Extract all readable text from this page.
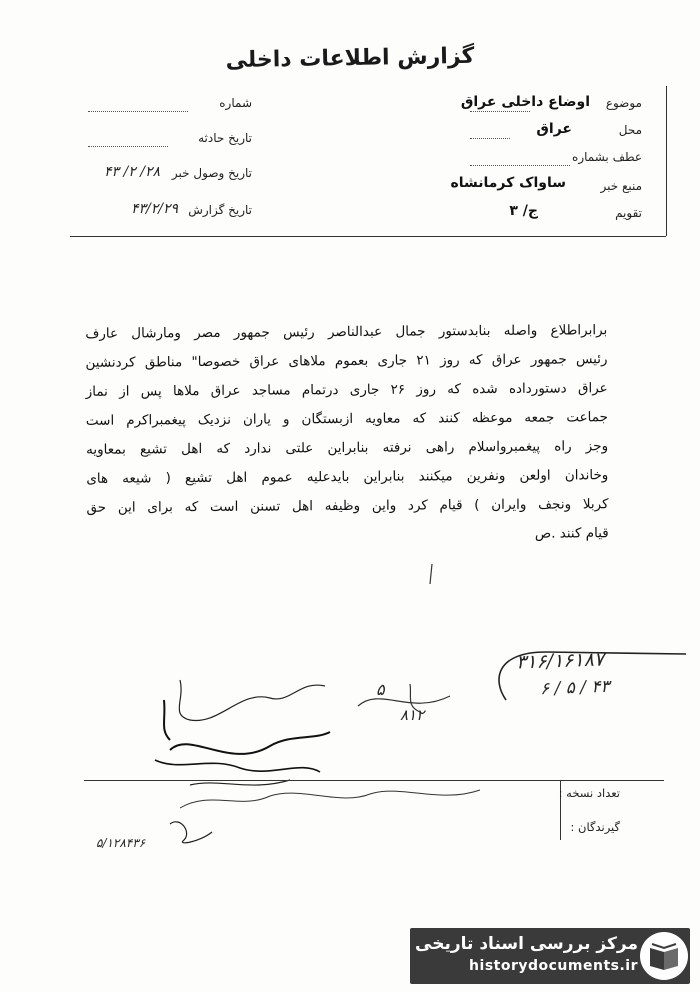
گزارش اطلاعات داخلی
موضوع
اوضاع داخلی عراق
محل
عراق
عطف بشماره
منبع خبر
ساواک کرمانشاه
تقویم
ج/ ۳
شماره
تاریخ حادثه
تاریخ وصول خبر
۲۸/ ۲/ ۴۳
تاریخ گزارش
۴۳/۲/۲۹
برابراطلاع واصله بنابدستور جمال عبدالناصر رئیس جمهور مصر ومارشال عارف
رئیس جمهور عراق که روز ۲۱ جاری بعموم ملاهای عراق خصوصا" مناطق کردنشین
عراق دستورداده شده که روز ۲۶ جاری درتمام مساجد عراق ملاها پس از نماز
جماعت جمعه موعظه کنند که معاویه ازبستگان و یاران نزدیک پیغمبراکرم است
وجز راه پیغمبرواسلام راهی نرفته بنابراین علتی ندارد که اهل تشیع بمعاویه
وخاندان اولعن ونفرین میکنند بنابراین بایدعلیه عموم اهل تشیع ( شیعه های
کربلا ونجف وایران ) قیام کرد واین وظیفه اهل تسنن است که برای این حق
قیام کنند .ص
۳۱۶/۱۶۱۸۷
۶ / ۵ / ۴۳
۸۱۲
۵
تعداد نسخه :
گیرندگان :
۵/۱۲۸۴۳۶
مرکز بررسی اسناد تاریخی
historydocuments.ir
